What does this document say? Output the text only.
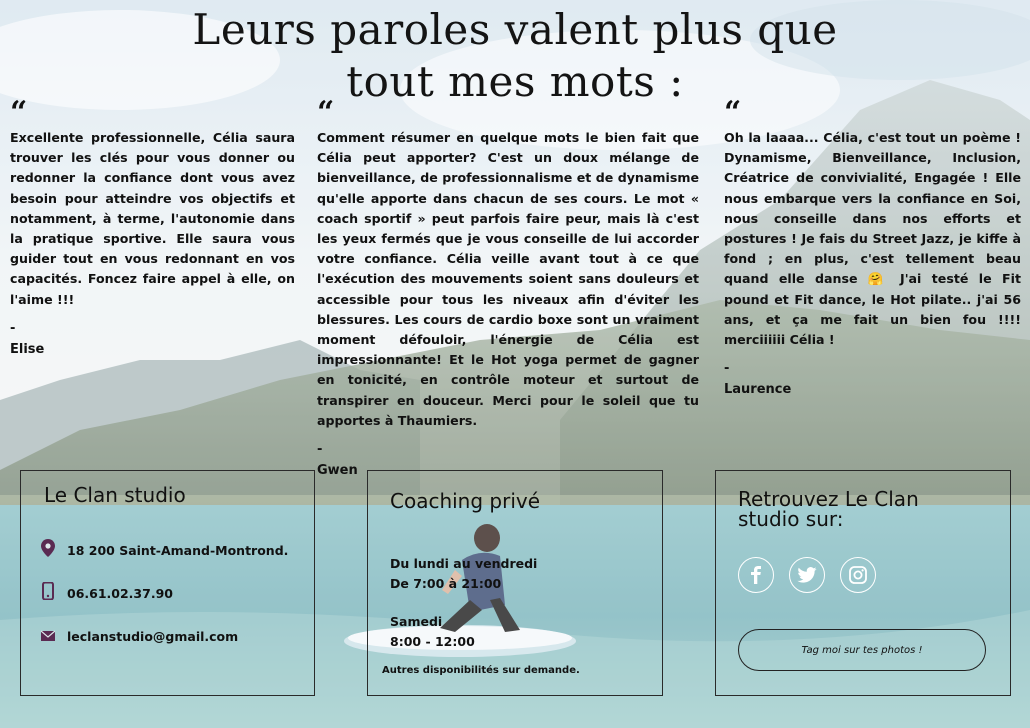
Leurs paroles valent plus que
tout mes mots :
“

Excellente professionnelle, Célia saura trouver les clés pour vous donner ou redonner la confiance dont vous avez besoin pour atteindre vos objectifs et notamment, à terme, l'autonomie dans la pratique sportive. Elle saura vous guider tout en vous redonnant en vos capacités. Foncez faire appel à elle, on l'aime !!!

-
Elise
“

Comment résumer en quelque mots le bien fait que Célia peut apporter? C'est un doux mélange de bienveillance, de professionnalisme et de dynamisme qu'elle apporte dans chacun de ses cours. Le mot « coach sportif » peut parfois faire peur, mais là c'est les yeux fermés que je vous conseille de lui accorder votre confiance. Célia veille avant tout à ce que l'exécution des mouvements soient sans douleurs et accessible pour tous les niveaux afin d'éviter les blessures. Les cours de cardio boxe sont un vraiment moment défouloir, l'énergie de Célia est impressionnante! Et le Hot yoga permet de gagner en tonicité, en contrôle moteur et surtout de transpirer en douceur. Merci pour le soleil que tu apportes à Thaumiers.

-
Gwen
“

Oh la laaaa... Célia, c'est tout un poème ! Dynamisme, Bienveillance, Inclusion, Créatrice de convivialité, Engagée ! Elle nous embarque vers la confiance en Soi, nous conseille dans nos efforts et postures ! Je fais du Street Jazz, je kiffe à fond ; en plus, c'est tellement beau quand elle danse 🤗 J'ai testé le Fit pound et Fit dance, le Hot pilate.. j'ai 56 ans, et ça me fait un bien fou !!!! merciiiiii Célia !

-
Laurence
Le Clan studio
18 200 Saint-Amand-Montrond.
06.61.02.37.90
leclanstudio@gmail.com
Coaching privé
Du lundi au vendredi
De 7:00 à 21:00
Samedi
8:00 - 12:00
Autres disponibilités sur demande.
Retrouvez Le Clan
studio sur:
Tag moi sur tes photos !
